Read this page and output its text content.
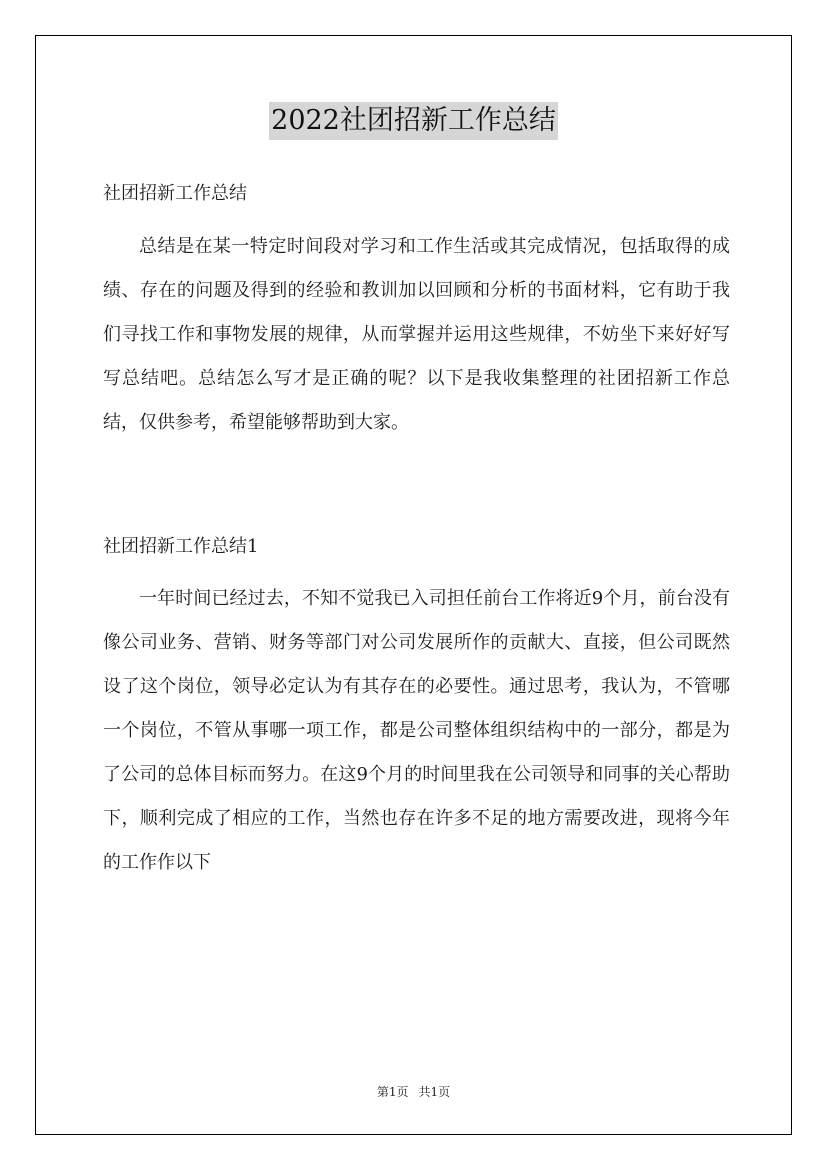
2022社团招新工作总结

社团招新工作总结

总结是在某一特定时间段对学习和工作生活或其完成情况，包括取得的成绩、存在的问题及得到的经验和教训加以回顾和分析的书面材料，它有助于我们寻找工作和事物发展的规律，从而掌握并运用这些规律，不妨坐下来好好写写总结吧。总结怎么写才是正确的呢？以下是我收集整理的社团招新工作总结，仅供参考，希望能够帮助到大家。

社团招新工作总结1

一年时间已经过去，不知不觉我已入司担任前台工作将近9个月，前台没有像公司业务、营销、财务等部门对公司发展所作的贡献大、直接，但公司既然设了这个岗位，领导必定认为有其存在的必要性。通过思考，我认为，不管哪一个岗位，不管从事哪一项工作，都是公司整体组织结构中的一部分，都是为了公司的总体目标而努力。在这9个月的时间里我在公司领导和同事的关心帮助下，顺利完成了相应的工作，当然也存在许多不足的地方需要改进，现将今年的工作作以下

第1页 共1页
